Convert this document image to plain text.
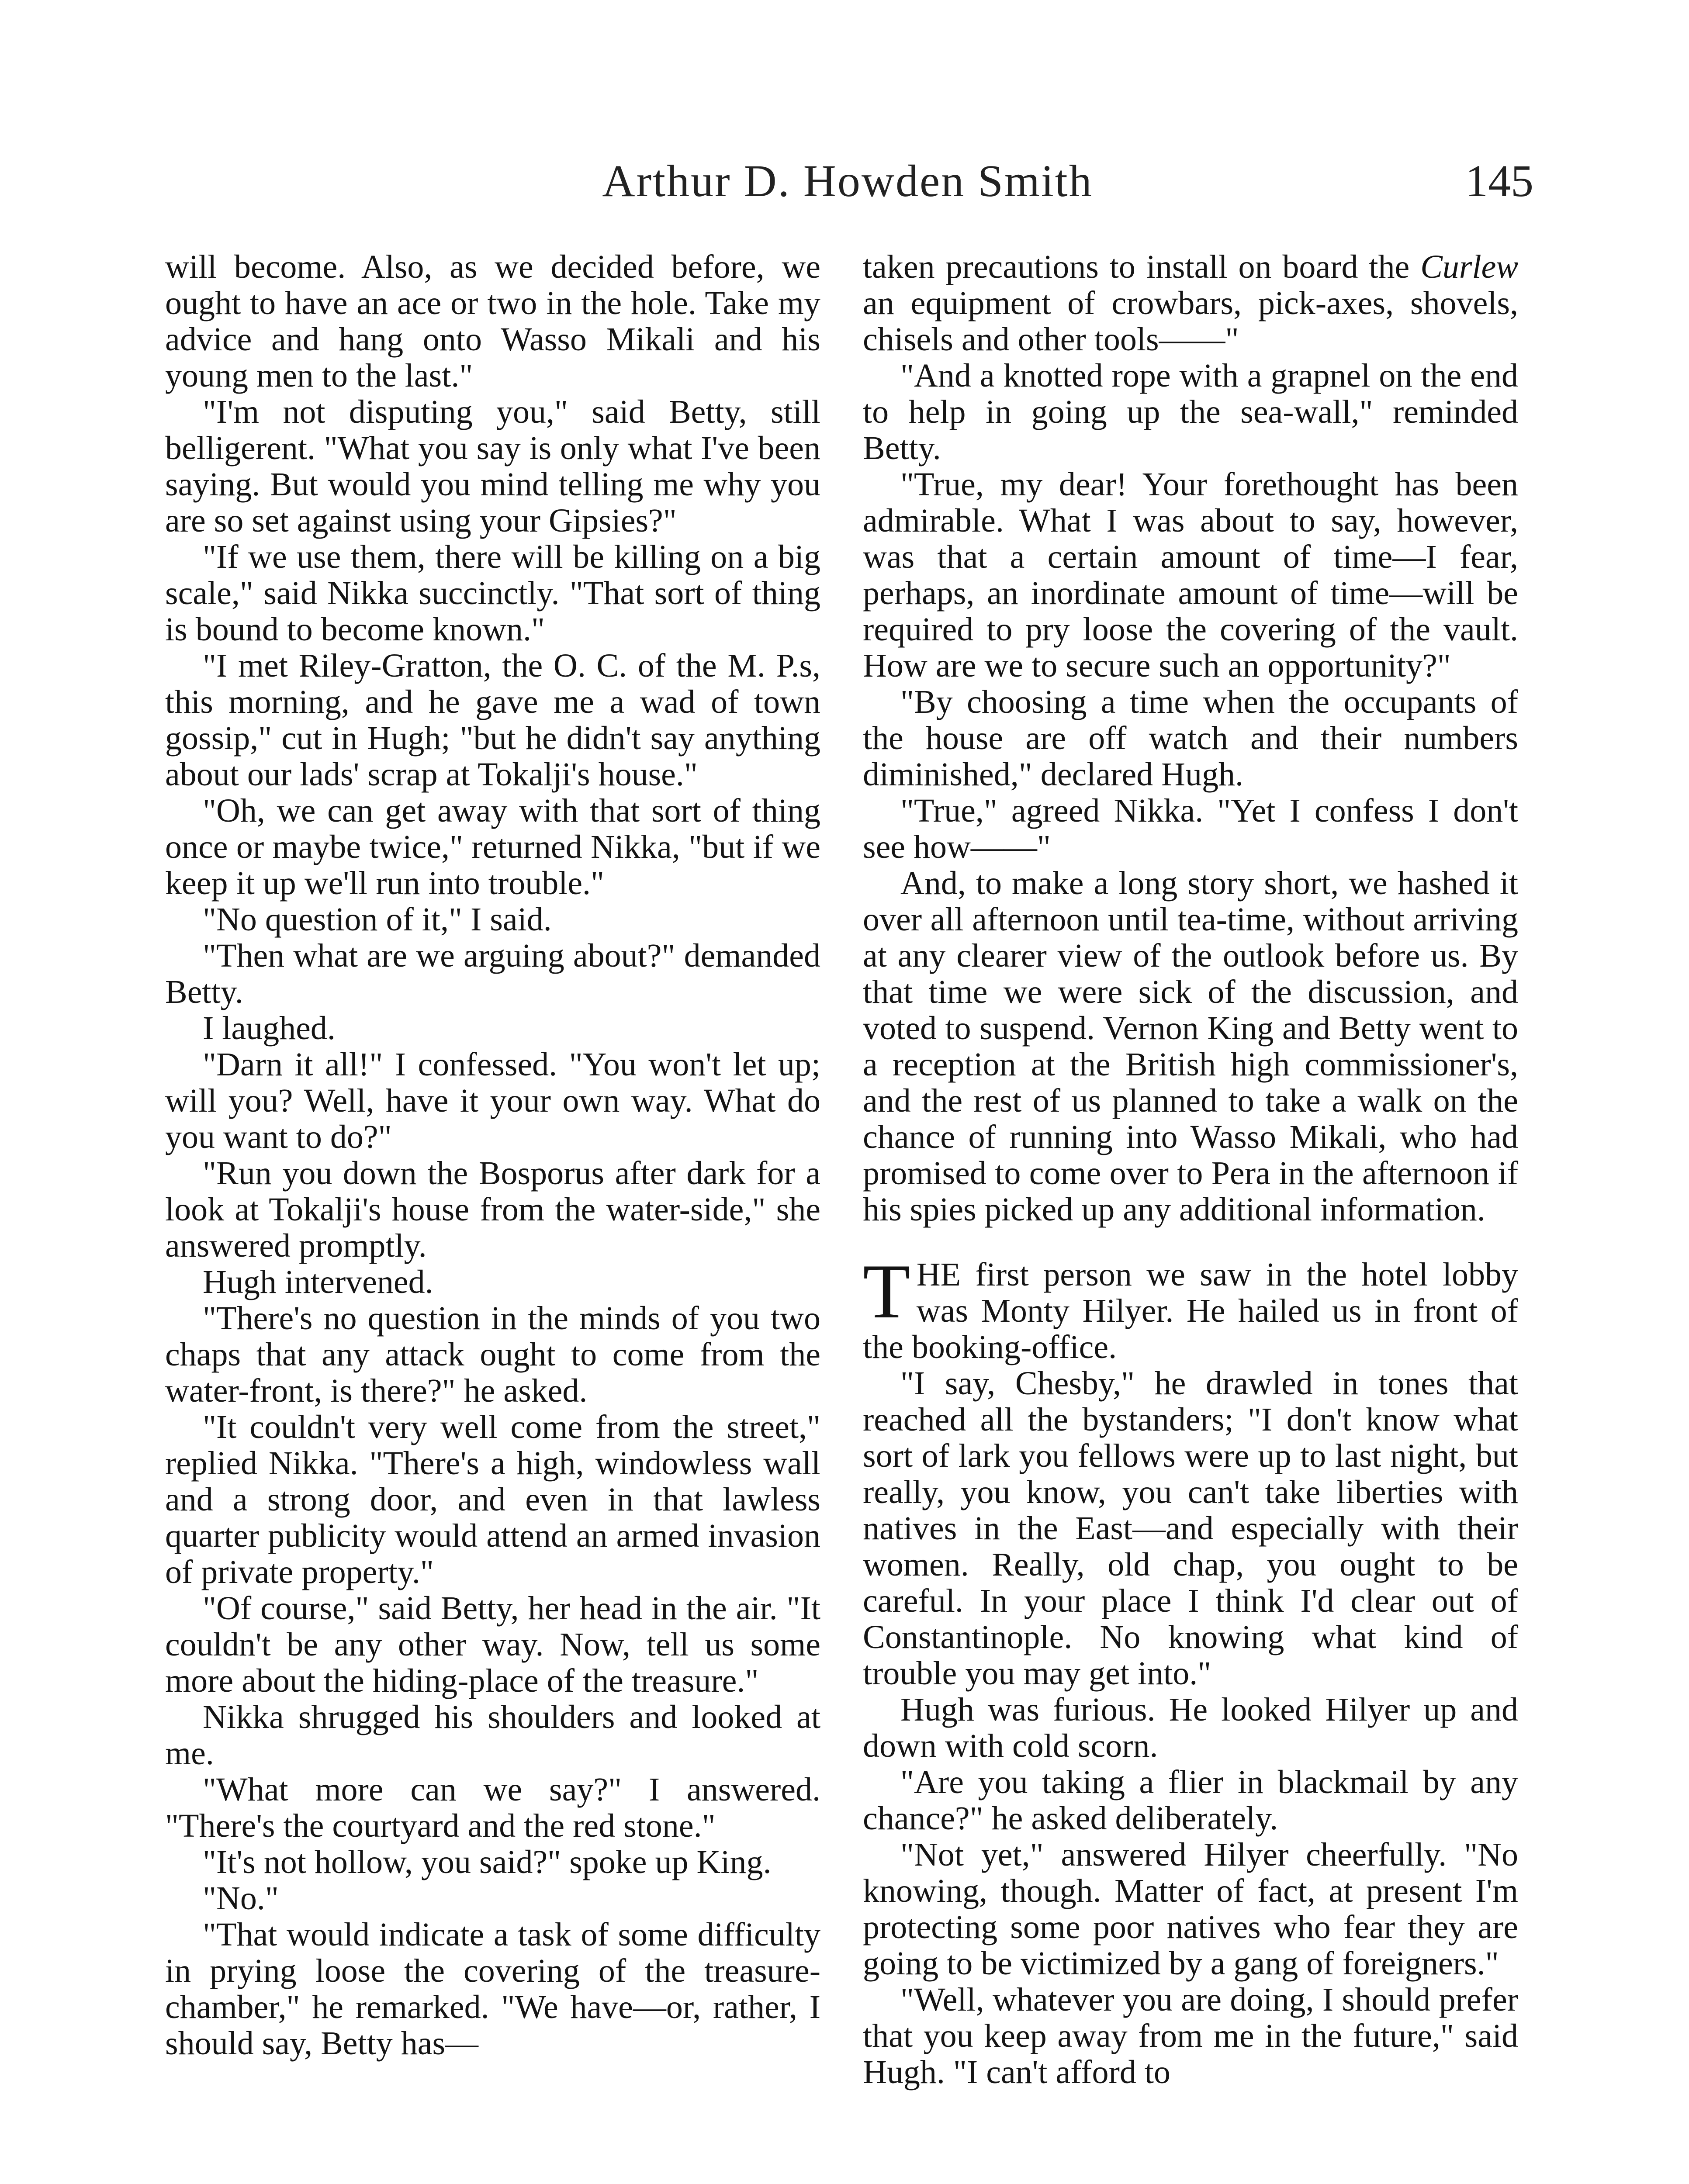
Arthur D. Howden Smith	145

will become. Also, as we decided before, we ought to have an ace or two in the hole. Take my advice and hang onto Wasso Mikali and his young men to the last."

"I'm not disputing you," said Betty, still belligerent. "What you say is only what I've been saying. But would you mind telling me why you are so set against using your Gipsies?"

"If we use them, there will be killing on a big scale," said Nikka succinctly. "That sort of thing is bound to become known."

"I met Riley-Gratton, the O. C. of the M. P.s, this morning, and he gave me a wad of town gossip," cut in Hugh; "but he didn't say anything about our lads' scrap at Tokalji's house."

"Oh, we can get away with that sort of thing once or maybe twice," returned Nikka, "but if we keep it up we'll run into trouble."

"No question of it," I said.

"Then what are we arguing about?" demanded Betty.

I laughed.

"Darn it all!" I confessed. "You won't let up; will you? Well, have it your own way. What do you want to do?"

"Run you down the Bosporus after dark for a look at Tokalji's house from the water-side," she answered promptly.

Hugh intervened.

"There's no question in the minds of you two chaps that any attack ought to come from the water-front, is there?" he asked.

"It couldn't very well come from the street," replied Nikka. "There's a high, windowless wall and a strong door, and even in that lawless quarter publicity would attend an armed invasion of private property."

"Of course," said Betty, her head in the air. "It couldn't be any other way. Now, tell us some more about the hiding-place of the treasure."

Nikka shrugged his shoulders and looked at me.

"What more can we say?" I answered. "There's the courtyard and the red stone."

"It's not hollow, you said?" spoke up King.

"No."

"That would indicate a task of some difficulty in prying loose the covering of the treasure-chamber," he remarked. "We have—or, rather, I should say, Betty has—

taken precautions to install on board the Curlew an equipment of crowbars, pick-axes, shovels, chisels and other tools——"

"And a knotted rope with a grapnel on the end to help in going up the sea-wall," reminded Betty.

"True, my dear! Your forethought has been admirable. What I was about to say, however, was that a certain amount of time—I fear, perhaps, an inordinate amount of time—will be required to pry loose the covering of the vault. How are we to secure such an opportunity?"

"By choosing a time when the occupants of the house are off watch and their numbers diminished," declared Hugh.

"True," agreed Nikka. "Yet I confess I don't see how——"

And, to make a long story short, we hashed it over all afternoon until tea-time, without arriving at any clearer view of the outlook before us. By that time we were sick of the discussion, and voted to suspend. Vernon King and Betty went to a reception at the British high commissioner's, and the rest of us planned to take a walk on the chance of running into Wasso Mikali, who had promised to come over to Pera in the afternoon if his spies picked up any additional information.

THE first person we saw in the hotel lobby was Monty Hilyer. He hailed us in front of the booking-office.

"I say, Chesby," he drawled in tones that reached all the bystanders; "I don't know what sort of lark you fellows were up to last night, but really, you know, you can't take liberties with natives in the East—and especially with their women. Really, old chap, you ought to be careful. In your place I think I'd clear out of Constantinople. No knowing what kind of trouble you may get into."

Hugh was furious. He looked Hilyer up and down with cold scorn.

"Are you taking a flier in blackmail by any chance?" he asked deliberately.

"Not yet," answered Hilyer cheerfully. "No knowing, though. Matter of fact, at present I'm protecting some poor natives who fear they are going to be victimized by a gang of foreigners."

"Well, whatever you are doing, I should prefer that you keep away from me in the future," said Hugh. "I can't afford to
